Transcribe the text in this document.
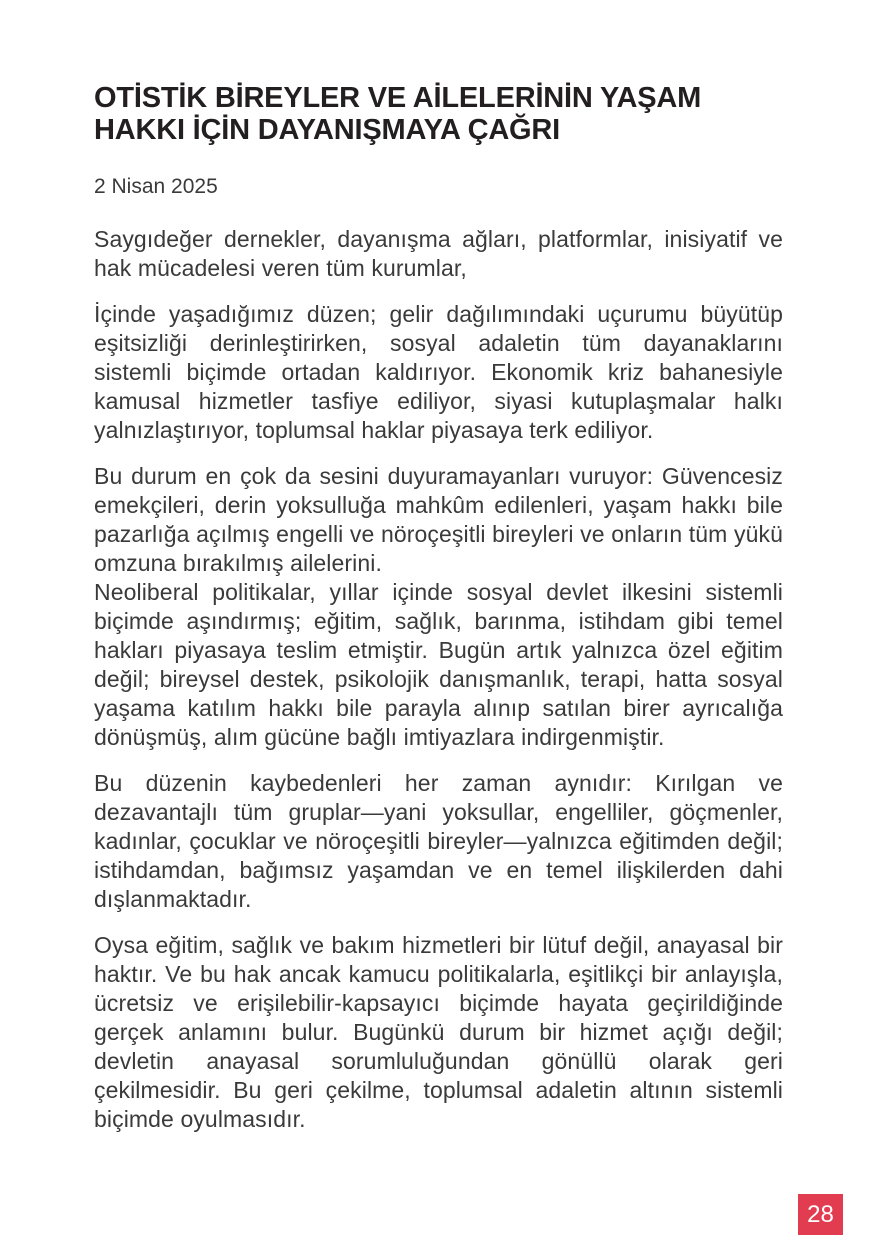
OTİSTİK BİREYLER VE AİLELERİNİN YAŞAM
HAKKI İÇİN DAYANIŞMAYA ÇAĞRI

2 Nisan 2025

Saygıdeğer dernekler, dayanışma ağları, platformlar, inisiyatif ve hak mücadelesi veren tüm kurumlar,

İçinde yaşadığımız düzen; gelir dağılımındaki uçurumu büyütüp eşitsizliği derinleştirirken, sosyal adaletin tüm dayanaklarını sistemli biçimde ortadan kaldırıyor. Ekonomik kriz bahanesiyle kamusal hizmetler tasfiye ediliyor, siyasi kutuplaşmalar halkı yalnızlaştırıyor, toplumsal haklar piyasaya terk ediliyor.

Bu durum en çok da sesini duyuramayanları vuruyor: Güvencesiz emekçileri, derin yoksulluğa mahkûm edilenleri, yaşam hakkı bile pazarlığa açılmış engelli ve nöroçeşitli bireyleri ve onların tüm yükü omzuna bırakılmış ailelerini.

Neoliberal politikalar, yıllar içinde sosyal devlet ilkesini sistemli biçimde aşındırmış; eğitim, sağlık, barınma, istihdam gibi temel hakları piyasaya teslim etmiştir. Bugün artık yalnızca özel eğitim değil; bireysel destek, psikolojik danışmanlık, terapi, hatta sosyal yaşama katılım hakkı bile parayla alınıp satılan birer ayrıcalığa dönüşmüş, alım gücüne bağlı imtiyazlara indirgenmiştir.

Bu düzenin kaybedenleri her zaman aynıdır: Kırılgan ve dezavantajlı tüm gruplar—yani yoksullar, engelliler, göçmenler, kadınlar, çocuklar ve nöroçeşitli bireyler—yalnızca eğitimden değil; istihdamdan, bağımsız yaşamdan ve en temel ilişkilerden dahi dışlanmaktadır.

Oysa eğitim, sağlık ve bakım hizmetleri bir lütuf değil, anayasal bir haktır. Ve bu hak ancak kamucu politikalarla, eşitlikçi bir anlayışla, ücretsiz ve erişilebilir-kapsayıcı biçimde hayata geçirildiğinde gerçek anlamını bulur. Bugünkü durum bir hizmet açığı değil; devletin anayasal sorumluluğundan gönüllü olarak geri çekilmesidir. Bu geri çekilme, toplumsal adaletin altının sistemli biçimde oyulmasıdır.

28
